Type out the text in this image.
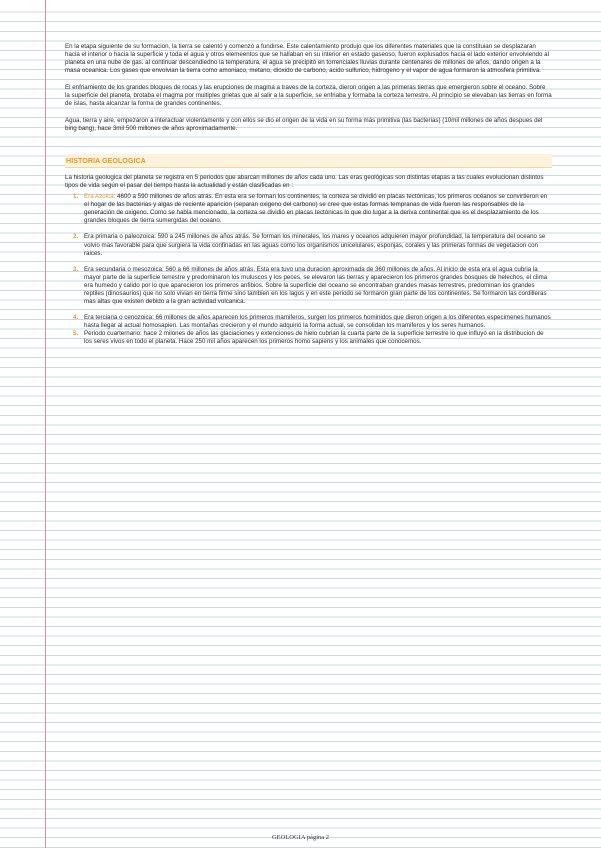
En la etapa siguiente de su formacion, la tierra se calentó y comenzó a fundirse. Este calentamiento produjo que los diferentes materiales que la constituian se desplazaran hacia el interior o hacia la superficie y toda el agua y otros elemeentos que se hallaban en su interior en estado gaseoso, fueron explusados hacia el lado exterior envolviendo al planeta en una nube de gas. al continuar descendiedno la temperatura, el agua se precipitó en torrenciales lluvias durante centenares de millones de años, dando origen a la masa oceanica. Los gases que envolvian la tierra como amoniaco, metano, dioxido de carbono, acido sulfurico, hidrogeno y el vapor de agua formaron la atmosfera primitiva.

El enfriamiento de los grandes bloques de rocas y las erupciones de magma a traves de la corteza, dieron origen a las primeras tierras que emergieron sobre el oceano. Sobre la superficie del planeta, brotaba el magma por multiples grietas que al salir a la superficie, se enfriaba y formaba la corteza terrestre. Al principio se elevaban las tierras en forma de islas, hasta alcanzar la forma de grandes continentes.

Agua, tierra y aire, empezaron a interactuar violentamente y con ellos se dio el origen de la vida en su forma más primitiva (las bacterias) (10mil millones de años despues del bing bang), hace 3mil 500 millones de años aproximadamente.

HISTORIA GEOLOGICA

La historia geologica del planeta se registra en 5 periodos que abarcan millones de años cada uno. Las eras geológicas son distintas etapas a las cuales evolucionan distintos tipos de vida según el pasar del tiempo hasta la actualidad y están clasificadas en :

1. Era Azoica: 4600 a 590 millones de años atrás. En esta era se forman los continentes, la corteza se dividió en placas tectónicas, los primeros océanos se convirtieron en el hogar de las bacterias y algas de reciente aparición (separan oxigeno del carbono) se cree que estas formas tempranas de vida fueron las responsables de la generación de oxigeno. Como se habla mencionado, la corteza se dividió en placas tectónicas lo que dio lugar a la deriva continental que es el desplazamiento de los grandes bloques de tierra sumergidas del oceano.
2. Era primaria o paleozoica: 590 a 245 millones de años atrás. Se forman los minerales, los mares y oceanos adquieren mayor profundidad, la temperatura del oceano se volvio mas favorable para que surgiera la vida confinadas en las aguas como los organismos unicelulares, esponjas, corales y las primeras formas de vegetacion con raices.
3. Era secundaria o mesozoica: 560 a 66 millones de años atrás. Esta era tuvo una duracion aproximada de 360 millones de años. Al inicio de esta era el agua cubria la mayor parte de la superficie terrestre y predominaron los muluscos y los peces, se elevaron las tierras y aparecieron los primeros grandes bosques de helechos, el clima era humedo y calido por lo que aparecieron los primeros anfibios. Sobre la superficie del oceano se encontraban grandes masas terrestres, predominan los grandes reptiles (dinosaurios) que no solo vivian en tierra firme sino tambien en los lagos y en este periodo se formaron gran parte de los continentes. Se formaron las cordilleras mas altas que existen debido a la gran actividad volcanica.
4. Era terciaria o cenozoica: 66 millones de años aparecen los primeros mamiferos, surgen los primeros hominidos que dieron origen a los diferentes especimenes humanos hasta llegar al actual homosapien. Las montañas crecieron y el mundo adquirió la forma actual, se consolidan los mamiferos y los seres humanos.
5. Periodo cuarternario: hace 2 milones de años las glaciaciones y extenciones de hielo cubrian la cuarta parte de la superficie terrestre lo que influyó en la distribucion de los seres vivos en todo el planeta. Hace 250 mil años aparecen los primeros homo sapiens y los animales que conocemos.
GEOLOGIA página 2
